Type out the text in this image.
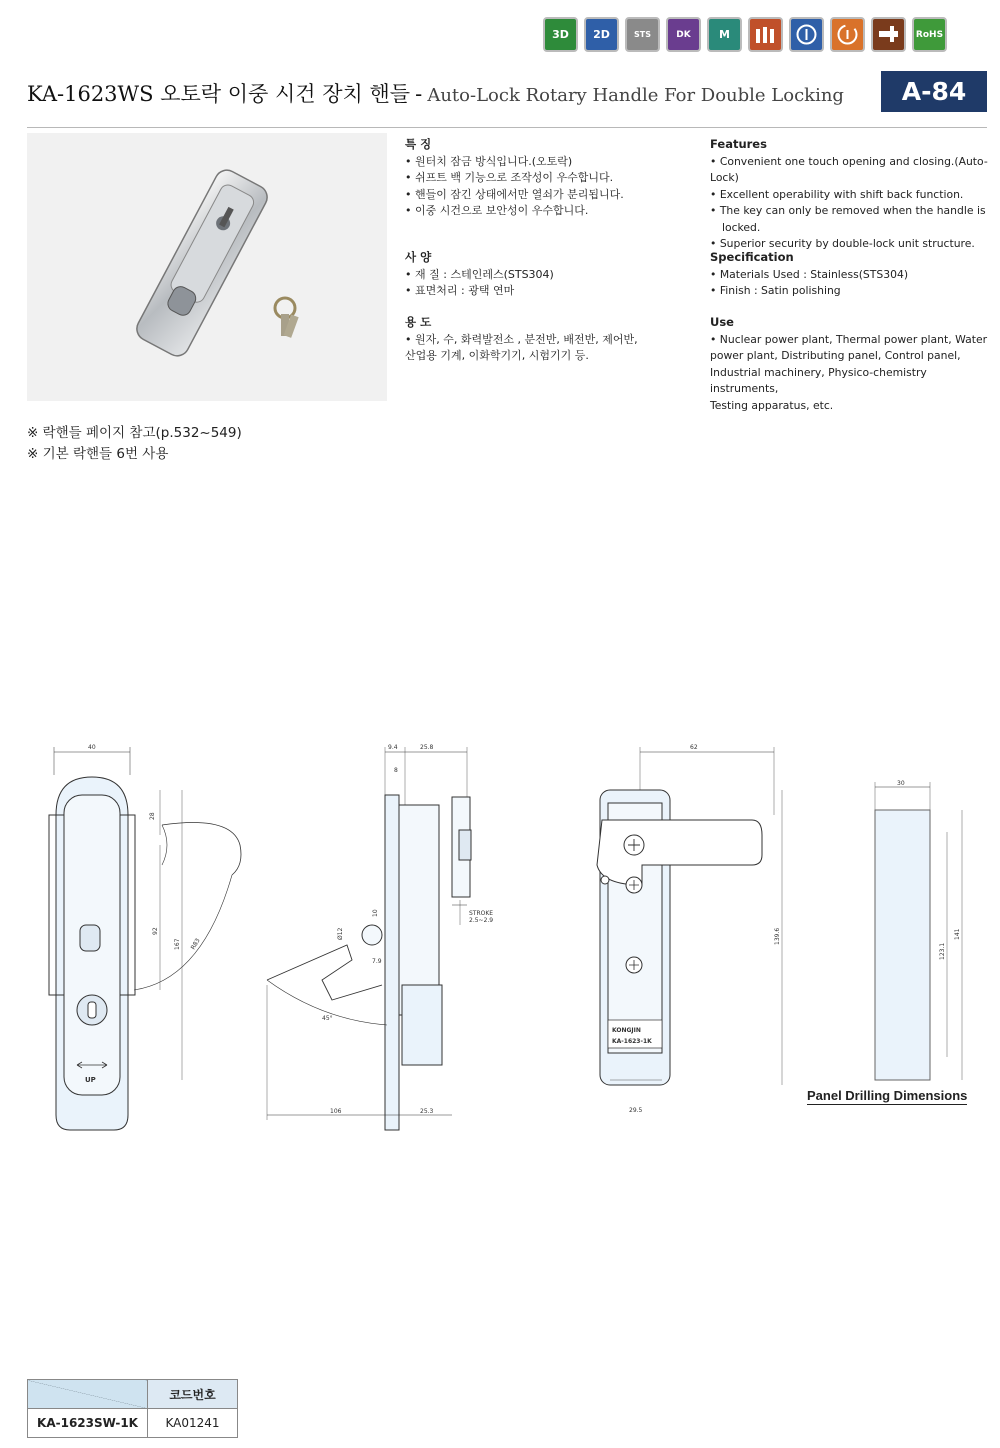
3D 2D	STS	DK	M	RoHS
KA-1623WS 오토락 이중 시건 장치 핸들 - Auto-Lock Rotary Handle For Double Locking	A-84
특 징
• 원터치 잠금 방식입니다.(오토락)
• 쉬프트 백 기능으로 조작성이 우수합니다.
• 핸들이 잠긴 상태에서만 열쇠가 분리됩니다.
• 이중 시건으로 보안성이 우수합니다.
사 양
• 재 질 : 스테인레스(STS304)
• 표면처리 : 광택 연마
용 도
• 원자, 수, 화력발전소 , 분전반, 배전반, 제어반,
산업용 기계, 이화학기기, 시험기기 등.
Features
• Convenient one touch opening and closing.(Auto-Lock)
• Excellent operability with shift back function.
• The key can only be removed when the handle is
locked.
• Superior security by double-lock unit structure.
Specification
• Materials Used : Stainless(STS304)
• Finish : Satin polishing
Use
• Nuclear power plant, Thermal power plant, Water
power plant, Distributing panel, Control panel,
Industrial machinery, Physico-chemistry instruments,
Testing apparatus, etc.
※ 락핸들 페이지 참고(p.532~549)
※ 기본 락핸들 6번 사용
40
28
92
167 R83
UP
9.4	25.8
8
Ø12
10
7.9
STROKE
2.5~2.9
45°
106	25.3
62
139.6
29.5
KONGJIN
KA-1623-1K
30
123.1
141
Panel Drilling Dimensions
	코드번호
KA-1623SW-1K	KA01241
